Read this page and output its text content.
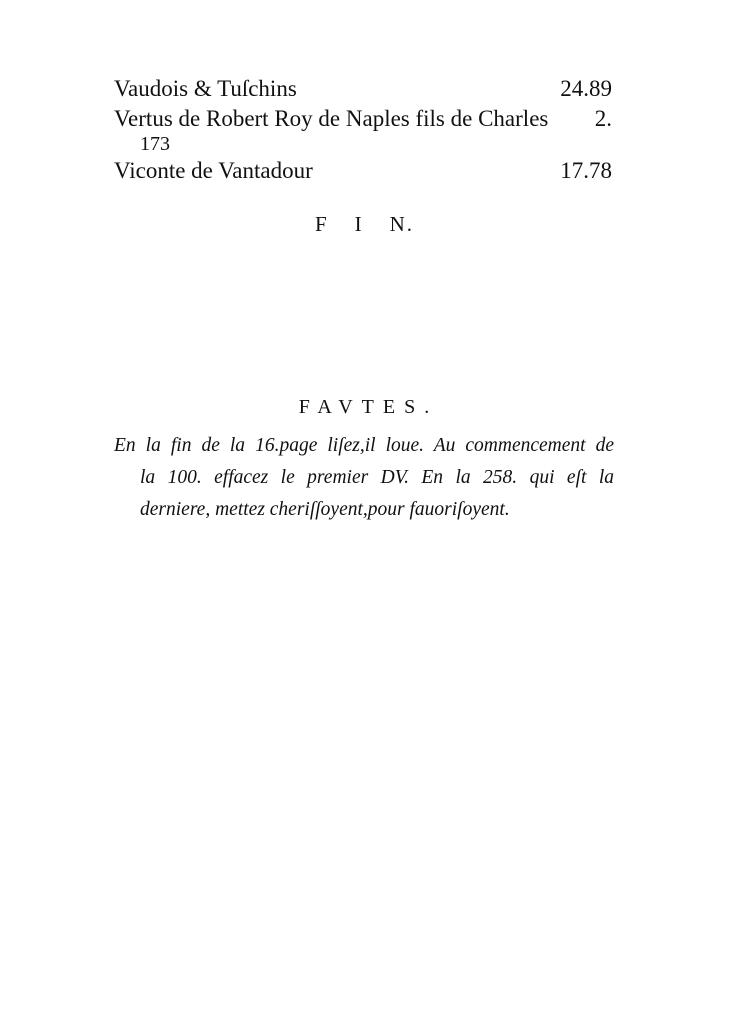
Vaudois & Tuſchins	24.89
Vertus de Robert Roy de Naples fils de Charles 2.
173
Viconte de Vantadour	17.78
F I N.
FAVTES.
En la fin de la 16.page liſez,il loue. Au commencement de
la 100. effacez le premier DV. En la 258. qui eſt la
derniere, mettez cheriſſoyent,pour fauoriſoyent.
